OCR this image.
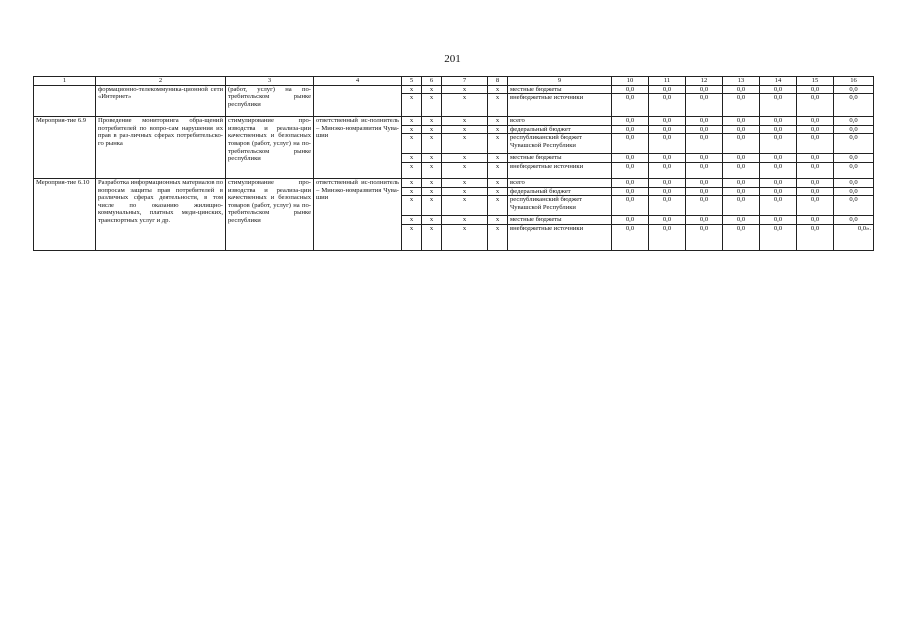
201
1	2	3	4	5	6	7	8	9	10	11	12	13	14	15	16
	формационно-телекоммуника-ционной сети «Интернет»	(работ, услуг) на по-требительском рынке республики		x	x	x	x	местные бюджеты	0,0	0,0	0,0	0,0	0,0	0,0	0,0
				x	x	x	x	внебюджетные источники	0,0	0,0	0,0	0,0	0,0	0,0	0,0
Мероприя-тие 6.9	Проведение мониторинга обра-щений потребителей по вопро-сам нарушения их прав в раз-личных сферах потребительско-го рынка	стимулирование про-изводства и реализа-ции качественных и безопасных товаров (работ, услуг) на по-требительском рынке республики	ответственный ис-полнитель – Минэко-номразвития Чува-шии	x	x	x	x	всего	0,0	0,0	0,0	0,0	0,0	0,0	0,0
				x	x	x	x	федеральный бюджет	0,0	0,0	0,0	0,0	0,0	0,0	0,0
				x	x	x	x	республиканский бюджет Чувашской Республики	0,0	0,0	0,0	0,0	0,0	0,0	0,0
				x	x	x	x	местные бюджеты	0,0	0,0	0,0	0,0	0,0	0,0	0,0
				x	x	x	x	внебюджетные источники	0,0	0,0	0,0	0,0	0,0	0,0	0,0
Мероприя-тие 6.10	Разработка информационных материалов по вопросам защиты прав потребителей в различных сферах деятельности, в том числе по оказанию жилищно-коммунальных, платных меди-цинских, транспортных услуг и др.	стимулирование про-изводства и реализа-ции качественных и безопасных товаров (работ, услуг) на по-требительском рынке республики	ответственный ис-полнитель – Минэко-номразвития Чува-шии	x	x	x	x	всего	0,0	0,0	0,0	0,0	0,0	0,0	0,0
				x	x	x	x	федеральный бюджет	0,0	0,0	0,0	0,0	0,0	0,0	0,0
				x	x	x	x	республиканский бюджет Чувашской Республики	0,0	0,0	0,0	0,0	0,0	0,0	0,0
				x	x	x	x	местные бюджеты	0,0	0,0	0,0	0,0	0,0	0,0	0,0
				x	x	x	x	внебюджетные источники	0,0	0,0	0,0	0,0	0,0	0,0	0,0».
